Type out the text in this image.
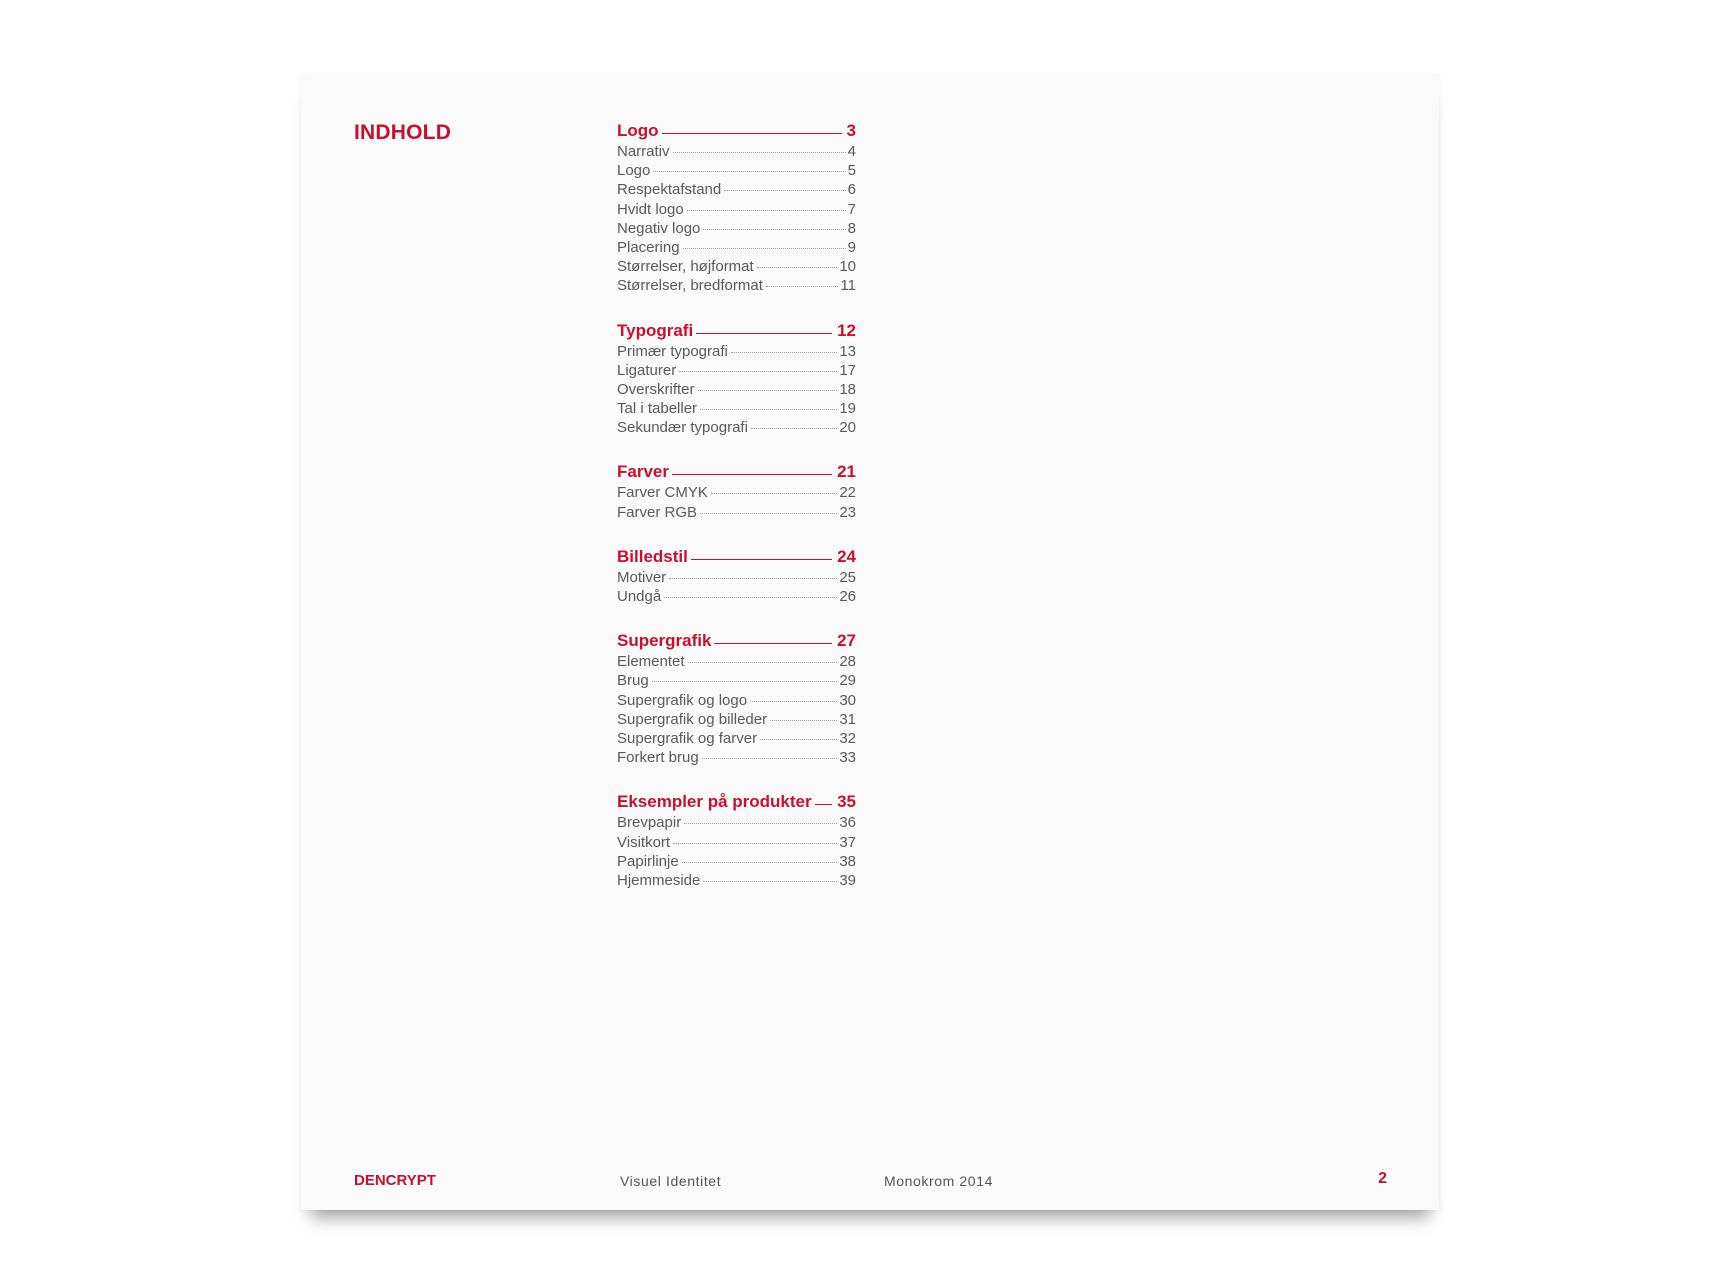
INDHOLD	Logo	3
Narrativ	4
Logo	5
Respektafstand	6
Hvidt logo	7
Negativ logo	8
Placering	9
Størrelser, højformat	10
Størrelser, bredformat	11
Typografi	12
Primær typografi	13
Ligaturer	17
Overskrifter	18
Tal i tabeller	19
Sekundær typografi	20
Farver	21
Farver CMYK	22
Farver RGB	23
Billedstil	24
Motiver	25
Undgå	26
Supergrafik	27
Elementet	28
Brug	29
Supergrafik og logo	30
Supergrafik og billeder	31
Supergrafik og farver	32
Forkert brug	33
Eksempler på produkter 35
Brevpapir	36
Visitkort	37
Papirlinje	38
Hjemmeside	39
DENCRYPT	Visuel Identitet	Monokrom 2014	2
